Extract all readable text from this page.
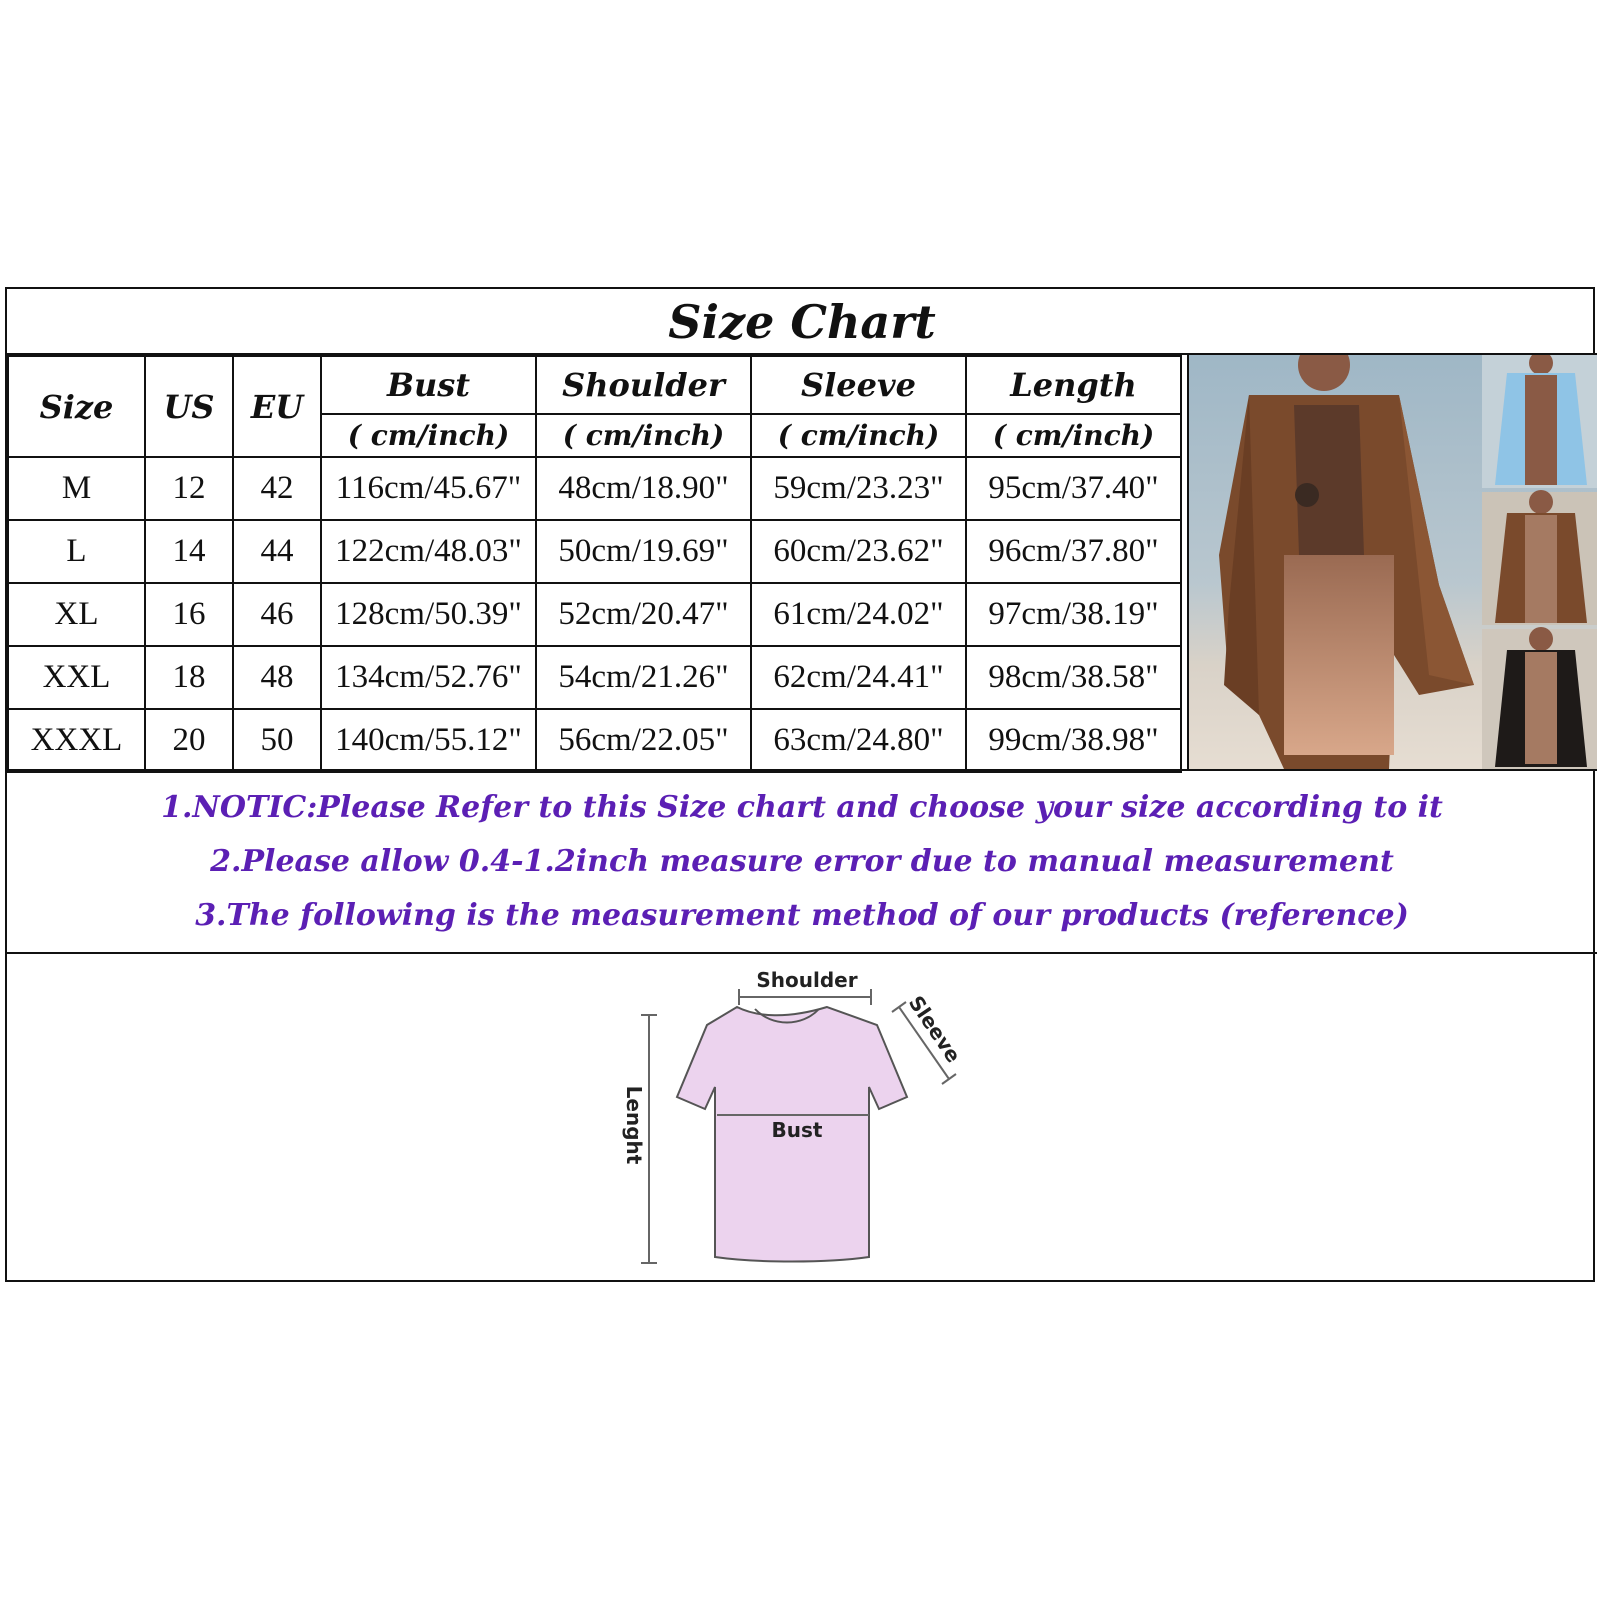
Size Chart
Size	US	EU	Bust	Shoulder	Sleeve	Length
			( cm/inch)	( cm/inch)	( cm/inch)	( cm/inch)
M	12	42	116cm/45.67"	48cm/18.90"	59cm/23.23"	95cm/37.40"
L	14	44	122cm/48.03"	50cm/19.69"	60cm/23.62"	96cm/37.80"
XL	16	46	128cm/50.39"	52cm/20.47"	61cm/24.02"	97cm/38.19"
XXL	18	48	134cm/52.76"	54cm/21.26"	62cm/24.41"	98cm/38.58"
XXXL	20	50	140cm/55.12"	56cm/22.05"	63cm/24.80"	99cm/38.98"
1.NOTIC:Please Refer to this Size chart and choose your size according to it
2.Please allow 0.4-1.2inch measure error due to manual measurement
3.The following is the measurement method of our products (reference)
Shoulder
Sleeve
Bust
Lenght
